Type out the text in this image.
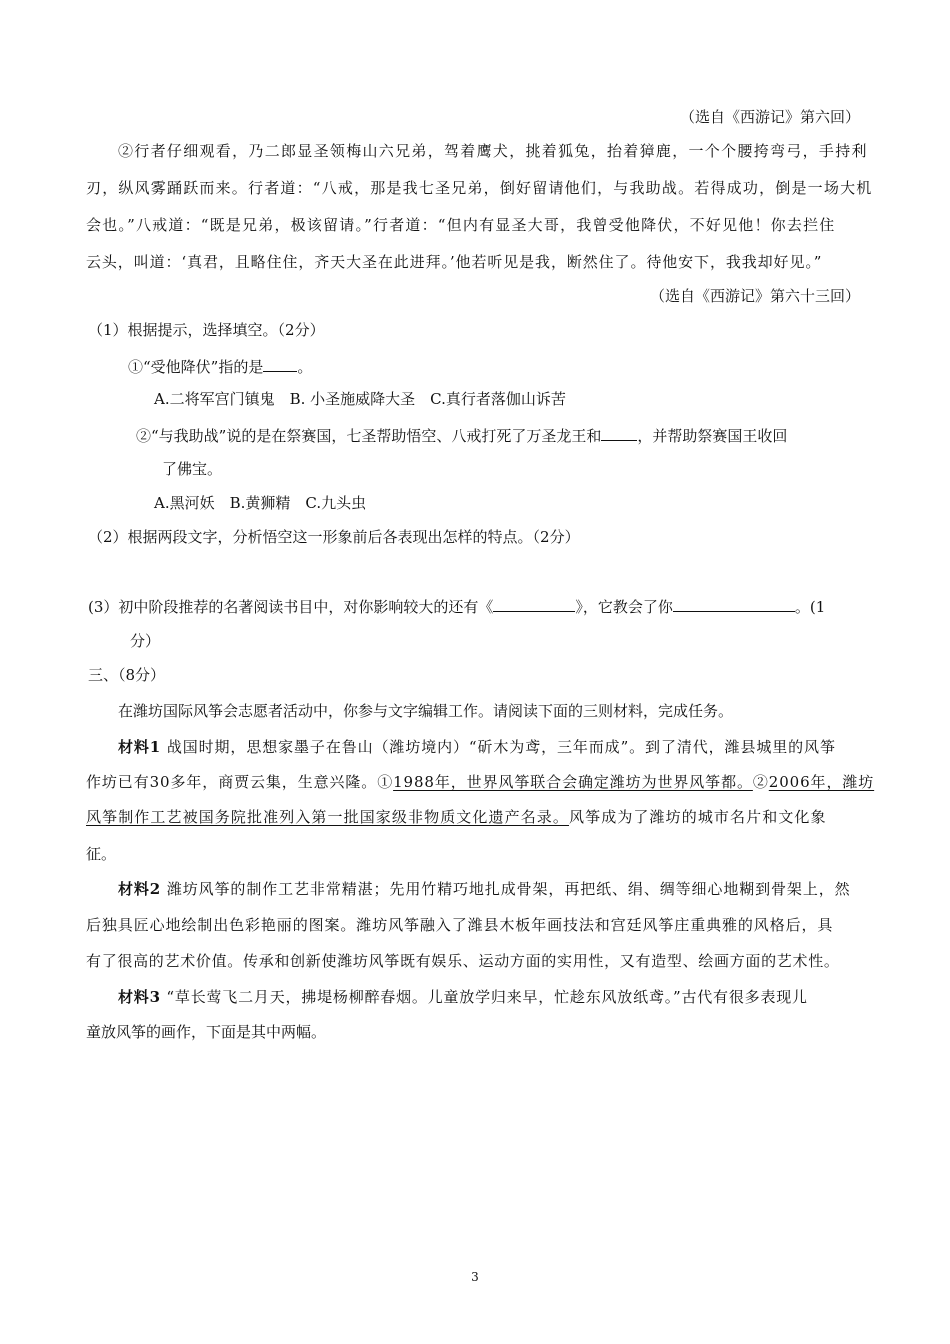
（选自《西游记》第六回）
②行者仔细观看，乃二郎显圣领梅山六兄弟，驾着鹰犬，挑着狐兔，抬着獐鹿，一个个腰挎弯弓，手持利
刃，纵风雾踊跃而来。行者道：“八戒，那是我七圣兄弟，倒好留请他们，与我助战。若得成功，倒是一场大机
会也。”八戒道：“既是兄弟，极该留请。”行者道：“但内有显圣大哥，我曾受他降伏，不好见他！你去拦住
云头，叫道：‘真君，且略住住，齐天大圣在此进拜。’他若听见是我，断然住了。待他安下，我我却好见。”
（选自《西游记》第六十三回）
（1）根据提示，选择填空。（2分）
①“受他降伏”指的是 。
A.二将军宫门镇鬼　B. 小圣施威降大圣　C.真行者落伽山诉苦
②“与我助战”说的是在祭赛国，七圣帮助悟空、八戒打死了万圣龙王和 ，并帮助祭赛国王收回
了佛宝。
A.黑河妖　B.黄狮精　C.九头虫
（2）根据两段文字，分析悟空这一形象前后各表现出怎样的特点。（2分）
(3）初中阶段推荐的名著阅读书目中，对你影响较大的还有《	》，它教会了你	。(1
分）
三、（8分）
在潍坊国际风筝会志愿者活动中，你参与文字编辑工作。请阅读下面的三则材料，完成任务。
材料1 战国时期，思想家墨子在鲁山（潍坊境内）“斫木为鸢，三年而成”。到了清代，潍县城里的风筝
作坊已有30多年，商贾云集，生意兴隆。①1988年，世界风筝联合会确定潍坊为世界风筝都。②2006年，潍坊
风筝制作工艺被国务院批准列入第一批国家级非物质文化遗产名录。风筝成为了潍坊的城市名片和文化象
征。
材料2 潍坊风筝的制作工艺非常精湛；先用竹精巧地扎成骨架，再把纸、绢、绸等细心地糊到骨架上，然
后独具匠心地绘制出色彩艳丽的图案。潍坊风筝融入了潍县木板年画技法和宫廷风筝庄重典雅的风格后，具
有了很高的艺术价值。传承和创新使潍坊风筝既有娱乐、运动方面的实用性，又有造型、绘画方面的艺术性。
材料3 “草长莺飞二月天，拂堤杨柳醉春烟。儿童放学归来早，忙趁东风放纸鸢。”古代有很多表现儿
童放风筝的画作，下面是其中两幅。
3
